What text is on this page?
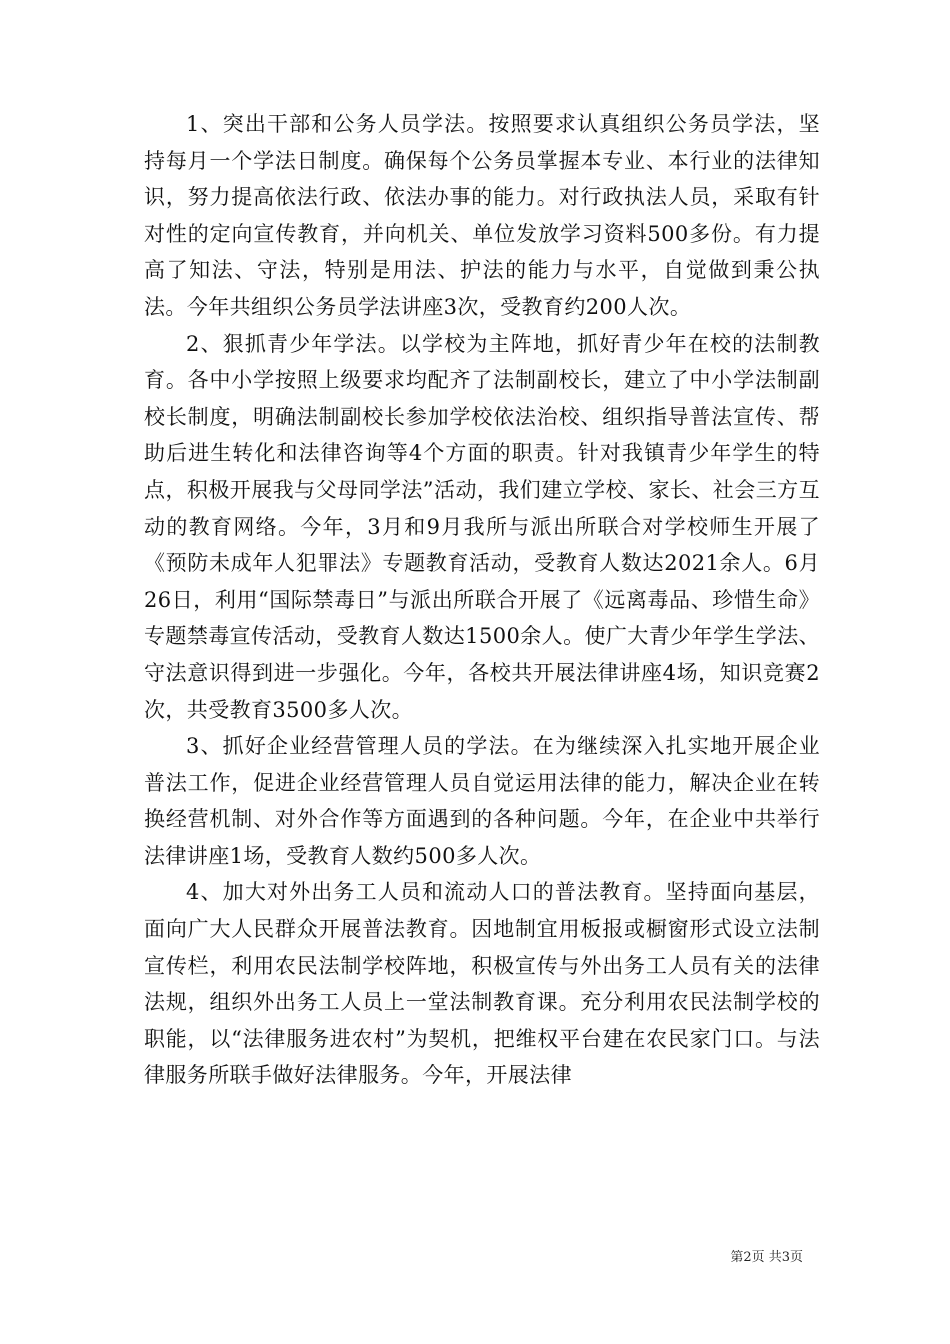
1、突出干部和公务人员学法。按照要求认真组织公务员学法，坚持每月一个学法日制度。确保每个公务员掌握本专业、本行业的法律知识，努力提高依法行政、依法办事的能力。对行政执法人员，采取有针对性的定向宣传教育，并向机关、单位发放学习资料500多份。有力提高了知法、守法，特别是用法、护法的能力与水平，自觉做到秉公执法。今年共组织公务员学法讲座3次，受教育约200人次。

2、狠抓青少年学法。以学校为主阵地，抓好青少年在校的法制教育。各中小学按照上级要求均配齐了法制副校长，建立了中小学法制副校长制度，明确法制副校长参加学校依法治校、组织指导普法宣传、帮助后进生转化和法律咨询等4个方面的职责。针对我镇青少年学生的特点，积极开展我与父母同学法”活动，我们建立学校、家长、社会三方互动的教育网络。今年，3月和9月我所与派出所联合对学校师生开展了《预防未成年人犯罪法》专题教育活动，受教育人数达2021余人。6月26日，利用“国际禁毒日”与派出所联合开展了《远离毒品、珍惜生命》专题禁毒宣传活动，受教育人数达1500余人。使广大青少年学生学法、守法意识得到进一步强化。今年，各校共开展法律讲座4场，知识竞赛2次，共受教育3500多人次。

3、抓好企业经营管理人员的学法。在为继续深入扎实地开展企业普法工作，促进企业经营管理人员自觉运用法律的能力，解决企业在转换经营机制、对外合作等方面遇到的各种问题。今年，在企业中共举行法律讲座1场，受教育人数约500多人次。

4、加大对外出务工人员和流动人口的普法教育。坚持面向基层，面向广大人民群众开展普法教育。因地制宜用板报或橱窗形式设立法制宣传栏，利用农民法制学校阵地，积极宣传与外出务工人员有关的法律法规，组织外出务工人员上一堂法制教育课。充分利用农民法制学校的职能，以“法律服务进农村”为契机，把维权平台建在农民家门口。与法律服务所联手做好法律服务。今年，开展法律

第2页 共3页
